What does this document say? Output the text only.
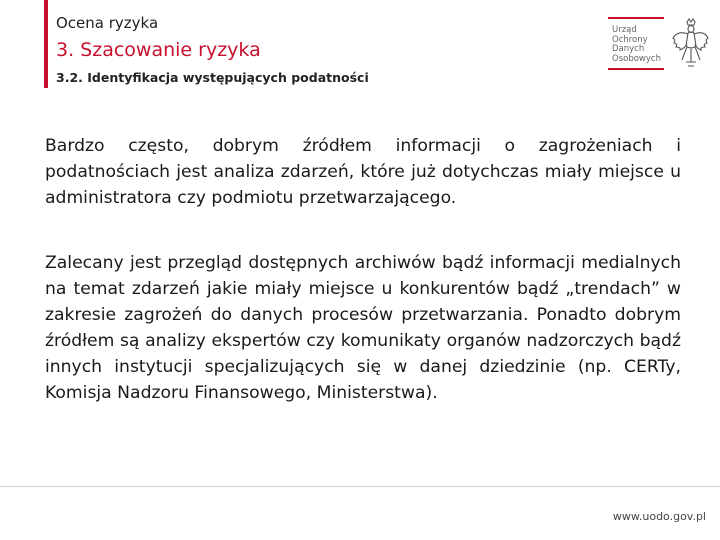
Ocena ryzyka
3. Szacowanie ryzyka
3.2. Identyfikacja występujących podatności
Urząd
Ochrony
Danych
Osobowych

Bardzo często, dobrym źródłem informacji o zagrożeniach i podatnościach jest analiza zdarzeń, które już dotychczas miały miejsce u administratora czy podmiotu przetwarzającego.

Zalecany jest przegląd dostępnych archiwów bądź informacji medialnych na temat zdarzeń jakie miały miejsce u konkurentów bądź „trendach” w zakresie zagrożeń do danych procesów przetwarzania. Ponadto dobrym źródłem są analizy ekspertów czy komunikaty organów nadzorczych bądź innych instytucji specjalizujących się w danej dziedzinie (np. CERTy, Komisja Nadzoru Finansowego, Ministerstwa).

www.uodo.gov.pl
